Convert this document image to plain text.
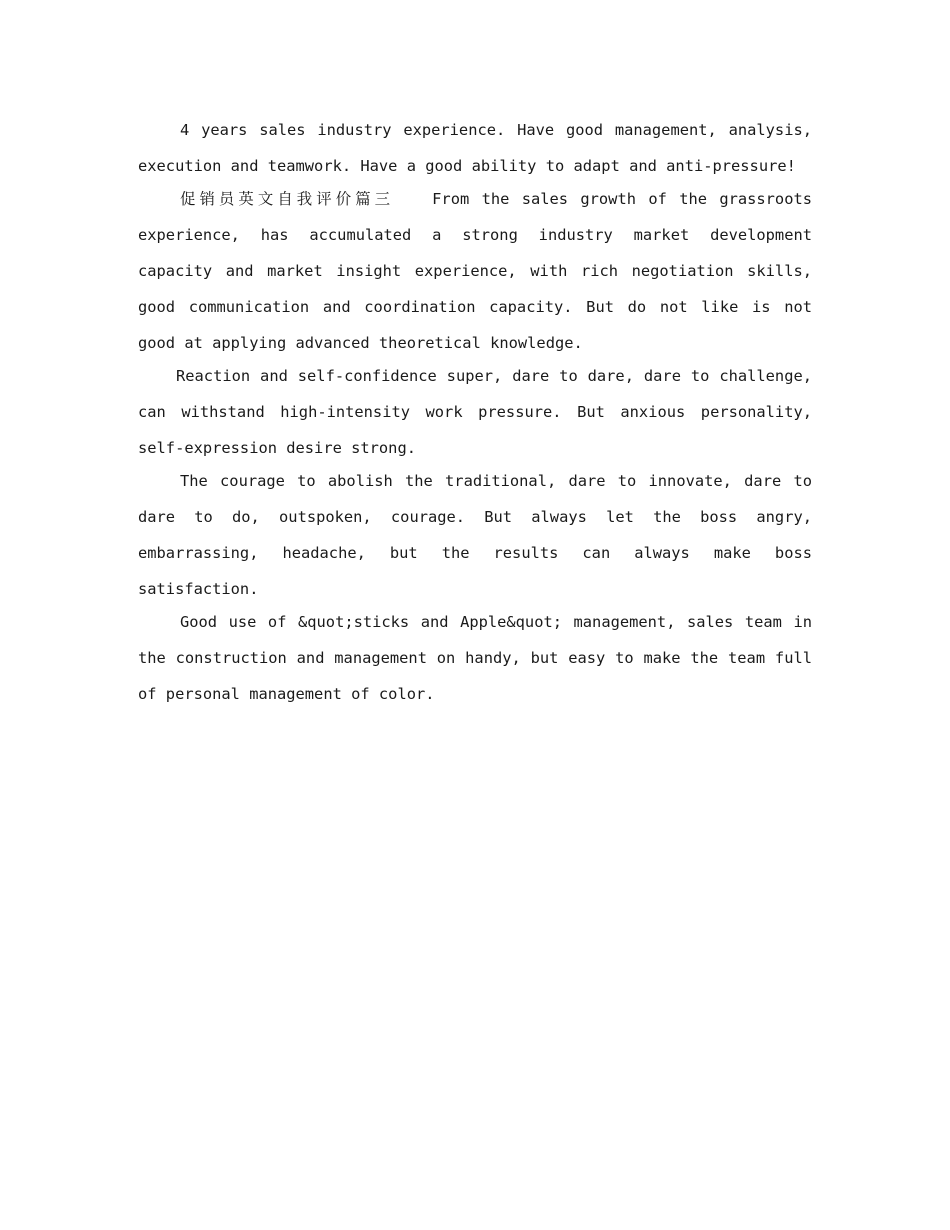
4 years sales industry experience. Have good management, analysis, execution and teamwork. Have a good ability to adapt and anti-pressure!

促销员英文自我评价篇三 From the sales growth of the grassroots experience, has accumulated a strong industry market development capacity and market insight experience, with rich negotiation skills, good communication and coordination capacity. But do not like is not good at applying advanced theoretical knowledge.

Reaction and self-confidence super, dare to dare, dare to challenge, can withstand high-intensity work pressure. But anxious personality, self-expression desire strong.

The courage to abolish the traditional, dare to innovate, dare to dare to do, outspoken, courage. But always let the boss angry, embarrassing, headache, but the results can always make boss satisfaction.

Good use of &quot;sticks and Apple&quot; management, sales team in the construction and management on handy, but easy to make the team full of personal management of color.
